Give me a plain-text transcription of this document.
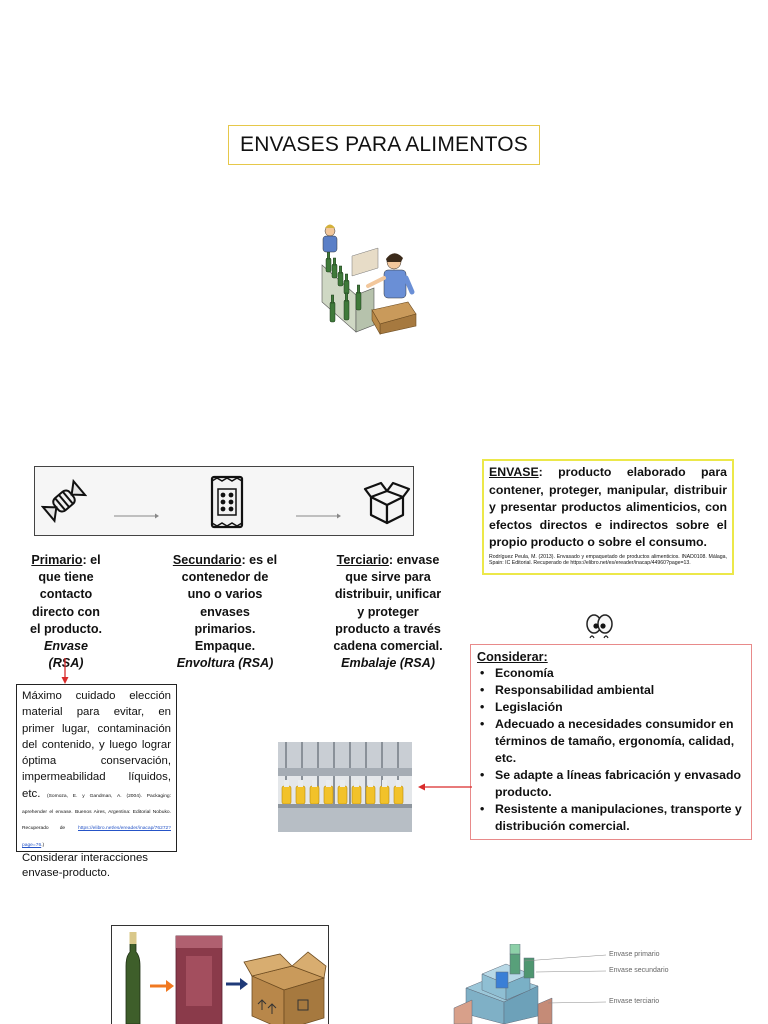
ENVASES PARA ALIMENTOS
Primario: el que tiene contacto directo con el producto.
Envase (RSA)
Secundario: es el contenedor de uno o varios envases primarios. Empaque.
Envoltura (RSA)
Terciario: envase que sirve para distribuir, unificar y proteger producto a través cadena comercial.
Embalaje (RSA)
ENVASE: producto elaborado para contener, proteger, manipular, distribuir y presentar productos alimenticios, con efectos directos e indirectos sobre el propio producto o sobre el consumo.
Rodríguez Peula, M. (2013). Envasado y empaquetado de productos alimenticios. INAD0108. Málaga, Spain: IC Editorial. Recuperado de https://elibro.net/es/ereader/inacap/44960?page=13.
Considerar:
• Economía
• Responsabilidad ambiental
• Legislación
• Adecuado a necesidades consumidor en términos de tamaño, ergonomía, calidad, etc.
• Se adapte a líneas fabricación y envasado producto.
• Resistente a manipulaciones, transporte y distribución comercial.
Máximo cuidado elección material para evitar, en primer lugar, contaminación del contenido, y luego lograr óptima conservación, impermeabilidad líquidos, etc. (Somoza, E. y Gandman, A. (2004). Packaging: aprehender el envase. Buenos Aires, Argentina: Editorial Nobuko. Recuperado de	https://elibro.net/es/ereader/inacap/76272?page=76.)
Considerar interacciones envase-producto.
Envase primario
Envase secundario
Envase terciario
